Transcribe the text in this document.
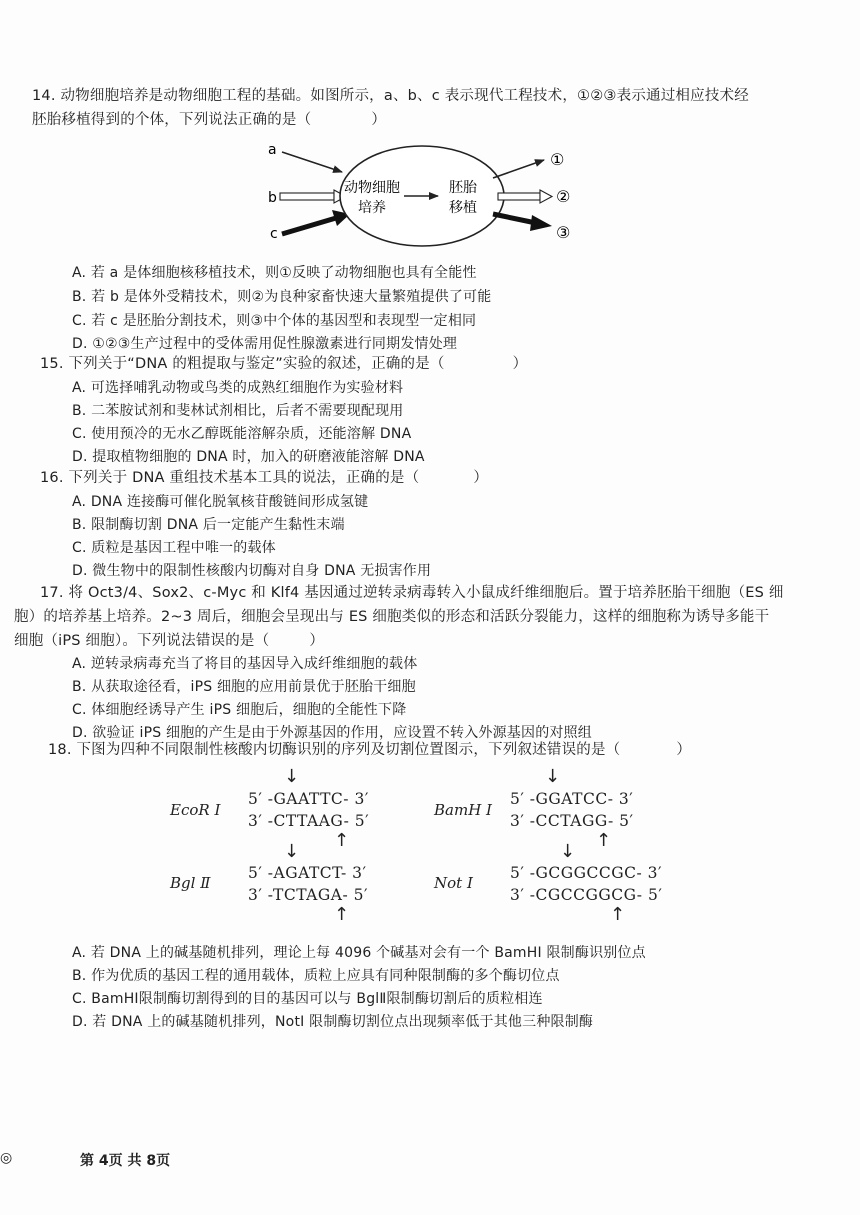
14. 动物细胞培养是动物细胞工程的基础。如图所示，a、b、c 表示现代工程技术，①②③表示通过相应技术经
胚胎移植得到的个体，下列说法正确的是（	）
a
b
c
动物细胞
培养
胚胎
移植
①
②
③
A. 若 a 是体细胞核移植技术，则①反映了动物细胞也具有全能性
B. 若 b 是体外受精技术，则②为良种家畜快速大量繁殖提供了可能
C. 若 c 是胚胎分割技术，则③中个体的基因型和表现型一定相同
D. ①②③生产过程中的受体需用促性腺激素进行同期发情处理
15. 下列关于“DNA 的粗提取与鉴定”实验的叙述，正确的是（	）
A. 可选择哺乳动物或鸟类的成熟红细胞作为实验材料
B. 二苯胺试剂和斐林试剂相比，后者不需要现配现用
C. 使用预冷的无水乙醇既能溶解杂质，还能溶解 DNA
D. 提取植物细胞的 DNA 时，加入的研磨液能溶解 DNA
16. 下列关于 DNA 重组技术基本工具的说法，正确的是（	）
A. DNA 连接酶可催化脱氧核苷酸链间形成氢键
B. 限制酶切割 DNA 后一定能产生黏性末端
C. 质粒是基因工程中唯一的载体
D. 微生物中的限制性核酸内切酶对自身 DNA 无损害作用
17. 将 Oct3/4、Sox2、c-Myc 和 Klf4 基因通过逆转录病毒转入小鼠成纤维细胞后。置于培养胚胎干细胞（ES 细
胞）的培养基上培养。2~3 周后，细胞会呈现出与 ES 细胞类似的形态和活跃分裂能力，这样的细胞称为诱导多能干
细胞（iPS 细胞）。下列说法错误的是（	）
A. 逆转录病毒充当了将目的基因导入成纤维细胞的载体
B. 从获取途径看，iPS 细胞的应用前景优于胚胎干细胞
C. 体细胞经诱导产生 iPS 细胞后，细胞的全能性下降
D. 欲验证 iPS 细胞的产生是由于外源基因的作用，应设置不转入外源基因的对照组
18. 下图为四种不同限制性核酸内切酶识别的序列及切割位置图示，下列叙述错误的是（	）
EcoR Ⅰ
↓
5′ -GAATTC- 3′
3′ -CTTAAG- 5′
↑
BamH Ⅰ
↓
5′ -GGATCC- 3′
3′ -CCTAGG- 5′
↑
Bgl Ⅱ
↓
5′ -AGATCT- 3′
3′ -TCTAGA- 5′
↑
Not Ⅰ
↓
5′ -GCGGCCGC- 3′
3′ -CGCCGGCG- 5′
↑
A. 若 DNA 上的碱基随机排列，理论上每 4096 个碱基对会有一个 BamHI 限制酶识别位点
B. 作为优质的基因工程的通用载体，质粒上应具有同种限制酶的多个酶切位点
C. BamHⅠ限制酶切割得到的目的基因可以与 BglⅡ限制酶切割后的质粒相连
D. 若 DNA 上的碱基随机排列，NotI 限制酶切割位点出现频率低于其他三种限制酶
◎	第 4页 共 8页
